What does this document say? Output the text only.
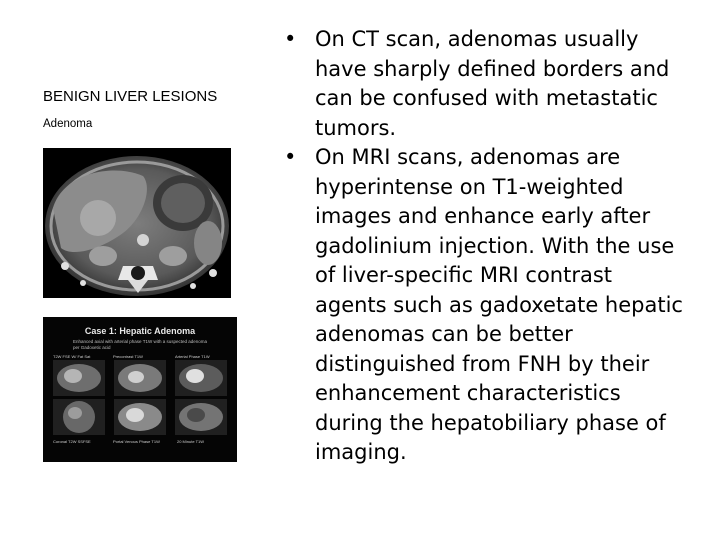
BENIGN LIVER LESIONS

Adenoma

Case 1: Hepatic Adenoma
Enhanced axial with arterial phase T1W with a suspected adenoma per Gadoxetic acid
T2W FSE W/ Fat Sat	Precontrast T1W	Arterial Phase T1W
Coronal T2W SSFSE	Portal Venous Phase T1W	20 Minute T1W
• On CT scan, adenomas usually have sharply defined borders and can be confused with metastatic tumors.
• On MRI scans, adenomas are hyperintense on T1-weighted images and enhance early after gadolinium injection. With the use of liver-specific MRI contrast agents such as gadoxetate hepatic adenomas can be better distinguished from FNH by their enhancement characteristics during the hepatobiliary phase of imaging.
